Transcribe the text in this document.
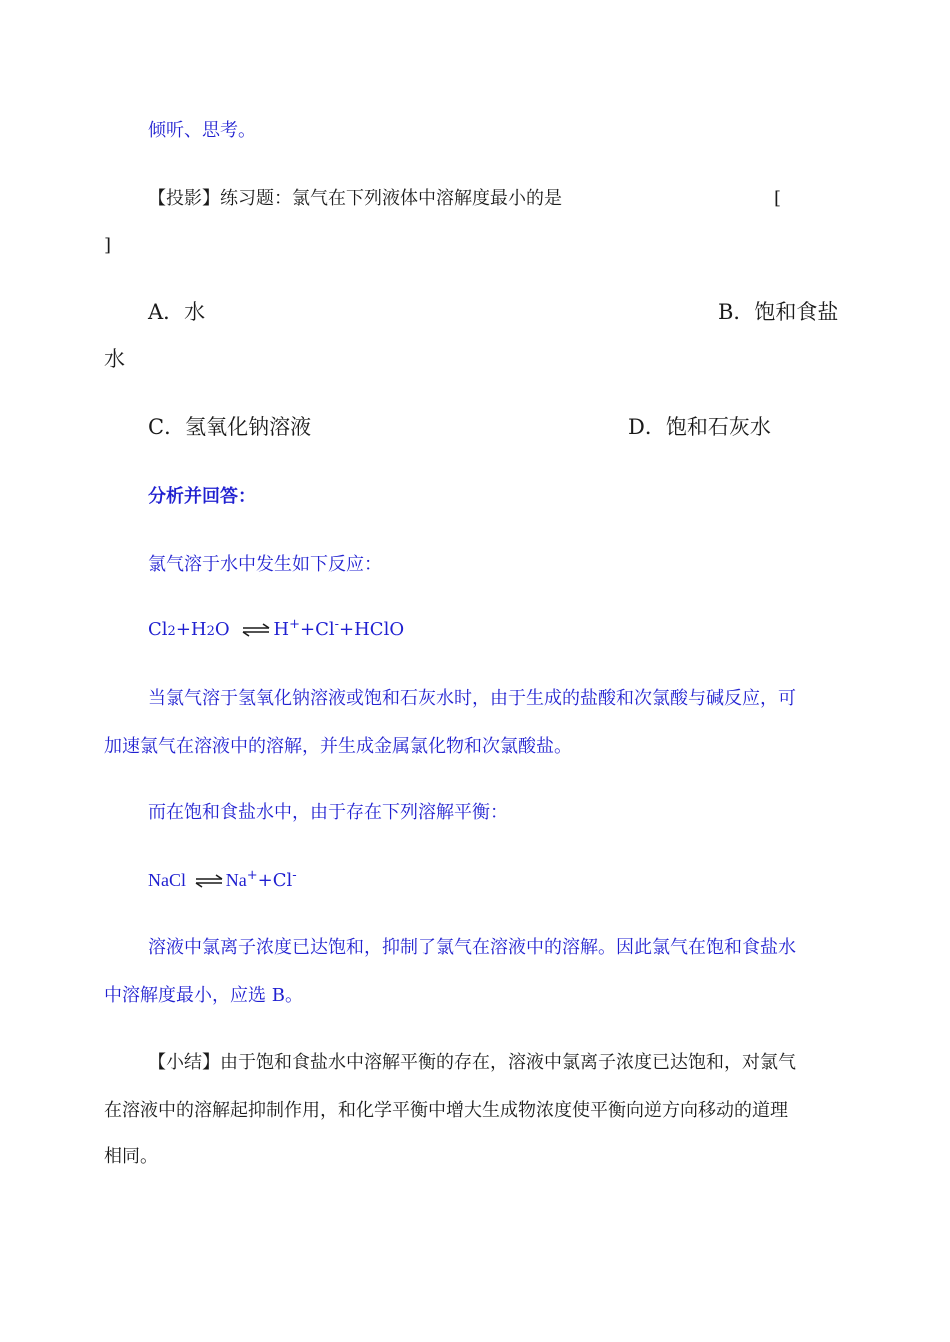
倾听、思考。
【投影】练习题：氯气在下列液体中溶解度最小的是	[
]
A．水	B．饱和食盐
水
C．氢氧化钠溶液	D．饱和石灰水
分析并回答：
氯气溶于水中发生如下反应：
Cl2+H2O ⇌ H++Cl-+HClO
当氯气溶于氢氧化钠溶液或饱和石灰水时，由于生成的盐酸和次氯酸与碱反应，可
加速氯气在溶液中的溶解，并生成金属氯化物和次氯酸盐。
而在饱和食盐水中，由于存在下列溶解平衡：
NaCl ⇌ Na++Cl-
溶液中氯离子浓度已达饱和，抑制了氯气在溶液中的溶解。因此氯气在饱和食盐水
中溶解度最小，应选 B。
【小结】由于饱和食盐水中溶解平衡的存在，溶液中氯离子浓度已达饱和，对氯气
在溶液中的溶解起抑制作用，和化学平衡中增大生成物浓度使平衡向逆方向移动的道理
相同。
